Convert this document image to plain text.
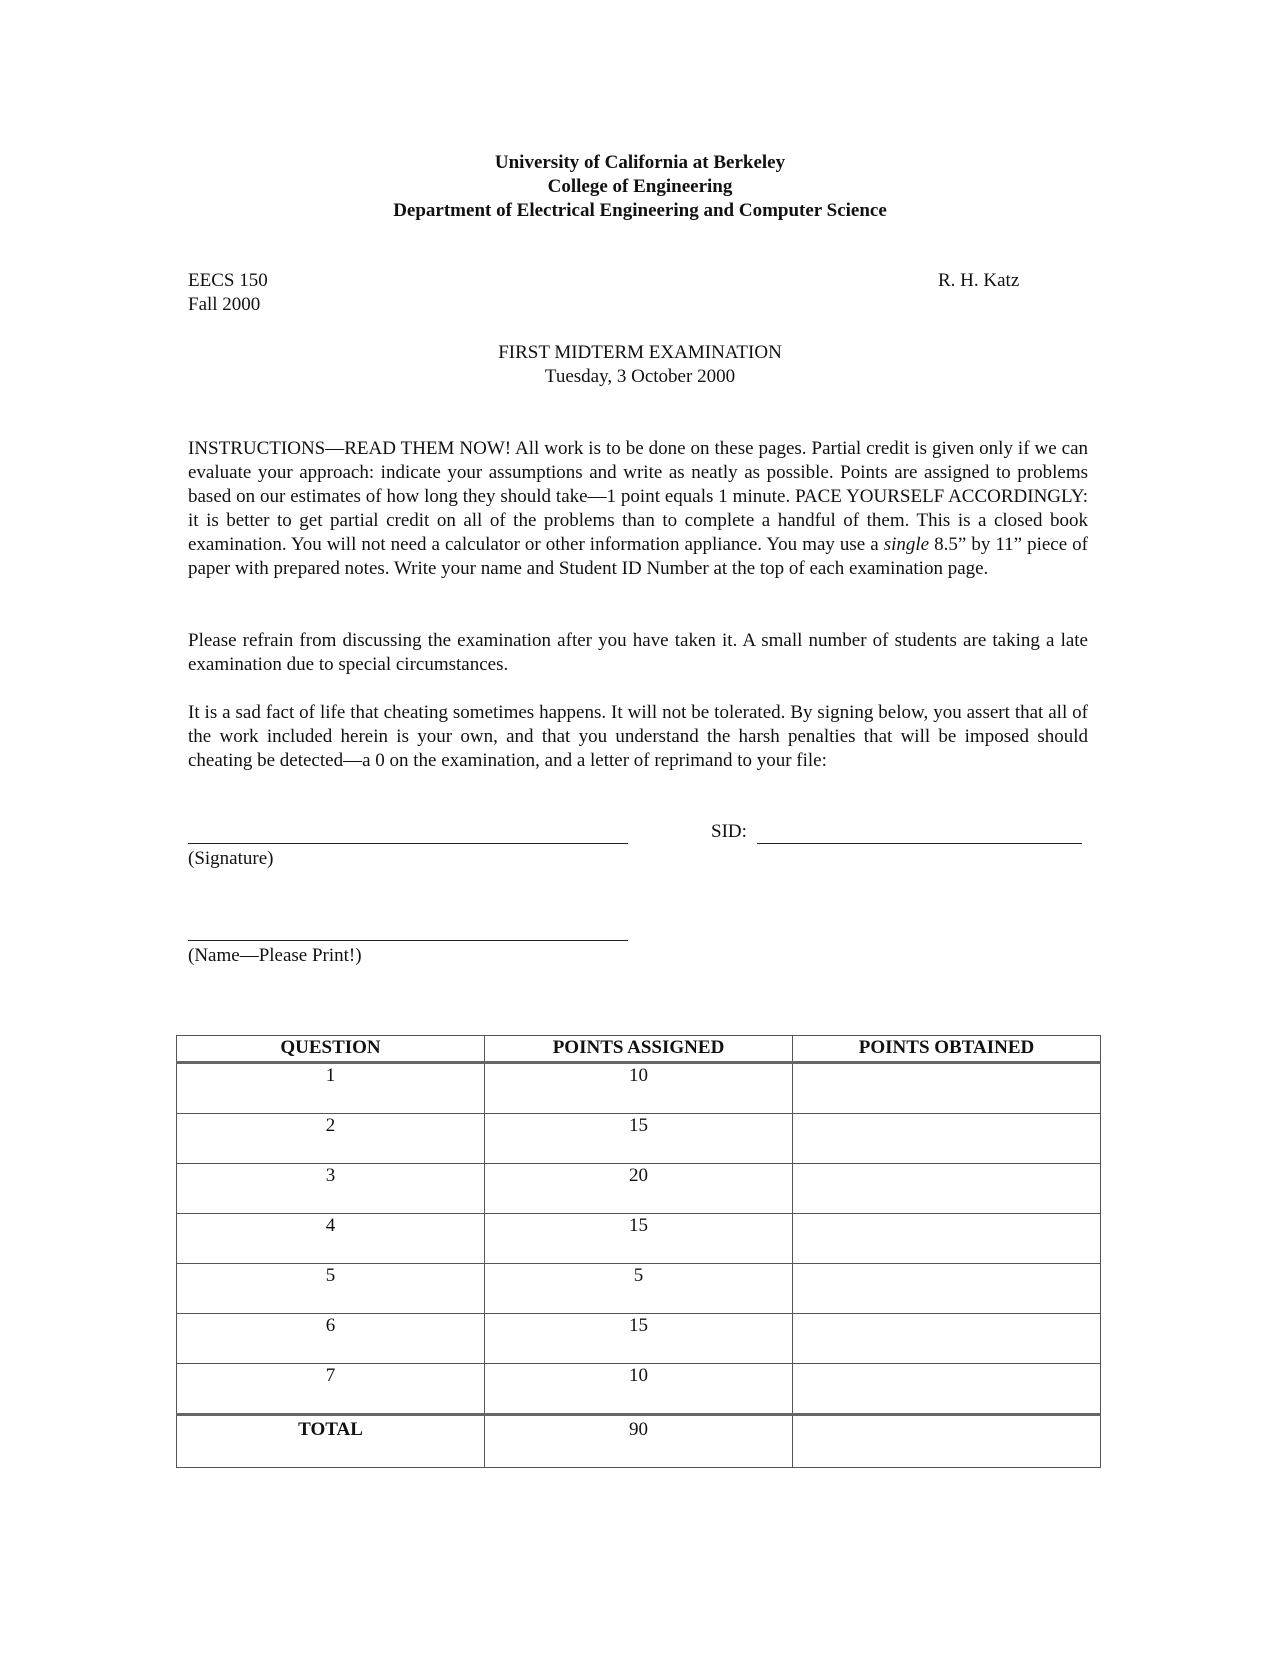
University of California at Berkeley
College of Engineering
Department of Electrical Engineering and Computer Science
EECS 150
Fall 2000
R. H. Katz
FIRST MIDTERM EXAMINATION
Tuesday, 3 October 2000

INSTRUCTIONS—READ THEM NOW! All work is to be done on these pages. Partial credit is given only if we can evaluate your approach: indicate your assumptions and write as neatly as possible. Points are assigned to problems based on our estimates of how long they should take—1 point equals 1 minute. PACE YOURSELF ACCORDINGLY: it is better to get partial credit on all of the problems than to complete a handful of them. This is a closed book examination. You will not need a calculator or other information appliance. You may use a single 8.5” by 11” piece of paper with prepared notes. Write your name and Student ID Number at the top of each examination page.

Please refrain from discussing the examination after you have taken it. A small number of students are taking a late examination due to special circumstances.

It is a sad fact of life that cheating sometimes happens. It will not be tolerated. By signing below, you assert that all of the work included herein is your own, and that you understand the harsh penalties that will be imposed should cheating be detected—a 0 on the examination, and a letter of reprimand to your file:

(Signature)
SID:
(Name—Please Print!)
QUESTION	POINTS ASSIGNED	POINTS OBTAINED
1	10	
2	15	
3	20	
4	15	
5	5	
6	15	
7	10	
TOTAL	90	
